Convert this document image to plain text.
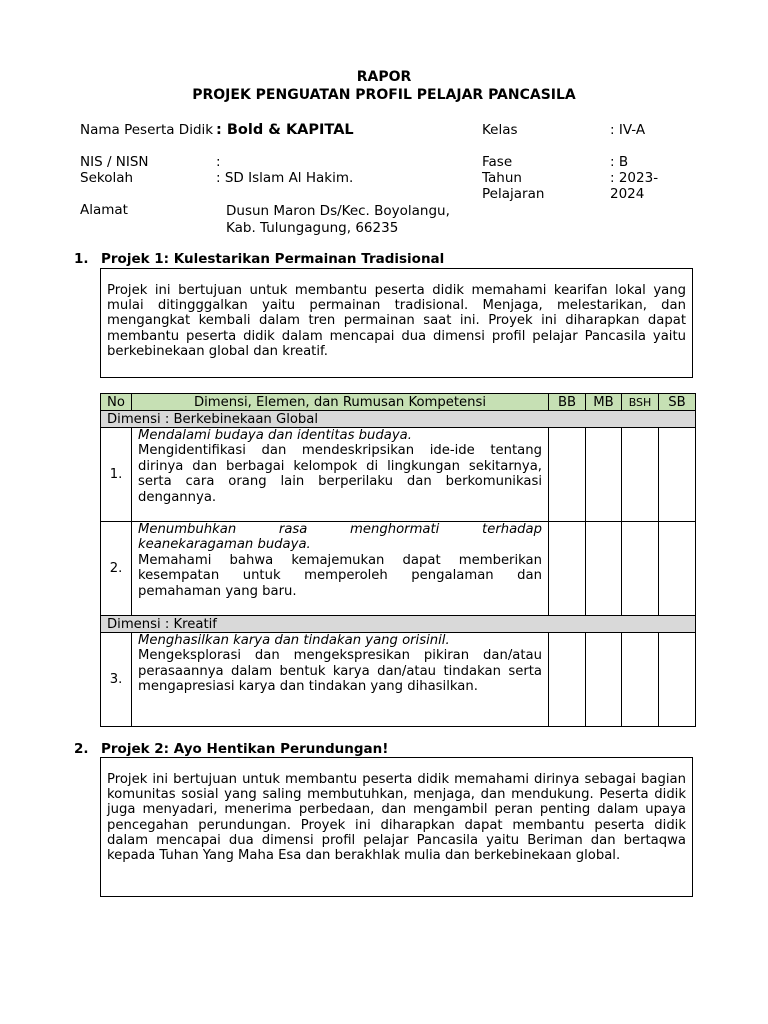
RAPOR
PROJEK PENGUATAN PROFIL PELAJAR PANCASILA
Nama Peserta Didik : Bold & KAPITAL
NIS / NISN	:
Sekolah	: SD Islam Al Hakim.
Alamat	Dusun Maron Ds/Kec. Boyolangu,
Kab. Tulungagung, 66235
Kelas	: IV-A
Fase	: B
Tahun Pelajaran
: 2023-2024
1. Projek 1: Kulestarikan Permainan Tradisional
Projek ini bertujuan untuk membantu peserta didik memahami kearifan lokal yang mulai ditingggalkan yaitu permainan tradisional. Menjaga, melestarikan, dan mengangkat kembali dalam tren permainan saat ini. Proyek ini diharapkan dapat membantu peserta didik dalam mencapai dua dimensi profil pelajar Pancasila yaitu berkebinekaan global dan kreatif.
No	Dimensi, Elemen, dan Rumusan Kompetensi	BB	MB	BSH	SB
Dimensi : Berkebinekaan Global					
1.	Mendalami budaya dan identitas budaya.
Mengidentifikasi dan mendeskripsikan ide-ide tentang dirinya dan berbagai kelompok di lingkungan sekitarnya, serta cara orang lain berperilaku dan berkomunikasi dengannya.				

2.	Menumbuhkan rasa menghormati terhadap keanekaragaman budaya.
Memahami bahwa kemajemukan dapat memberikan kesempatan untuk memperoleh pengalaman dan pemahaman yang baru.				

Dimensi : Kreatif					
3.	Menghasilkan karya dan tindakan yang orisinil.
Mengeksplorasi dan mengekspresikan pikiran dan/atau perasaannya dalam bentuk karya dan/atau tindakan serta mengapresiasi karya dan tindakan yang dihasilkan.				

2. Projek 2: Ayo Hentikan Perundungan!
Projek ini bertujuan untuk membantu peserta didik memahami dirinya sebagai bagian komunitas sosial yang saling membutuhkan, menjaga, dan mendukung. Peserta didik juga menyadari, menerima perbedaan, dan mengambil peran penting dalam upaya pencegahan perundungan. Proyek ini diharapkan dapat membantu peserta didik dalam mencapai dua dimensi profil pelajar Pancasila yaitu Beriman dan bertaqwa kepada Tuhan Yang Maha Esa dan berakhlak mulia dan berkebinekaan global.
